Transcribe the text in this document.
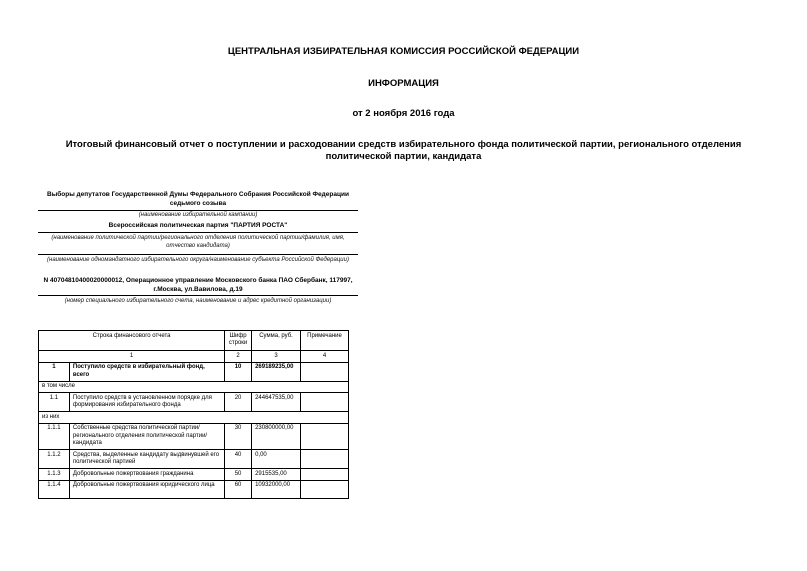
ЦЕНТРАЛЬНАЯ ИЗБИРАТЕЛЬНАЯ КОМИССИЯ РОССИЙСКОЙ ФЕДЕРАЦИИ
ИНФОРМАЦИЯ
от 2 ноября 2016 года
Итоговый финансовый отчет о поступлении и расходовании средств избирательного фонда политической партии, регионального отделения политической партии, кандидата
Выборы депутатов Государственной Думы Федерального Собрания Российской Федерации седьмого созыва
(наименование избирательной кампании)
Всероссийская политическая партия "ПАРТИЯ РОСТА"
(наименование политической партии/регионального отделения политической партии/фамилия, имя, отчество кандидата)
(наименование одномандатного избирательного округа/наименование субъекта Российской Федерации)
N 40704810400020000012, Операционное управление Московского банка ПАО Сбербанк, 117997, г.Москва, ул.Вавилова, д.19
(номер специального избирательного счета, наименование и адрес кредитной организации)
Строка финансового отчета		Шифр строки	Сумма, руб.	Примечание
1		2	3	4
1	Поступило средств в избирательный фонд, всего	10	269189235,00	
в том числе				
1.1	Поступило средств в установленном порядке для формирования избирательного фонда	20	244647535,00	
из них				
1.1.1	Собственные средства политической партии/регионального отделения политической партии/кандидата	30	230800000,00	
1.1.2	Средства, выделенные кандидату выдвинувшей его политической партией	40	0,00	
1.1.3	Добровольные пожертвования гражданина	50	2915535,00	
1.1.4	Добровольные пожертвования юридического лица	60	10932000,00	
